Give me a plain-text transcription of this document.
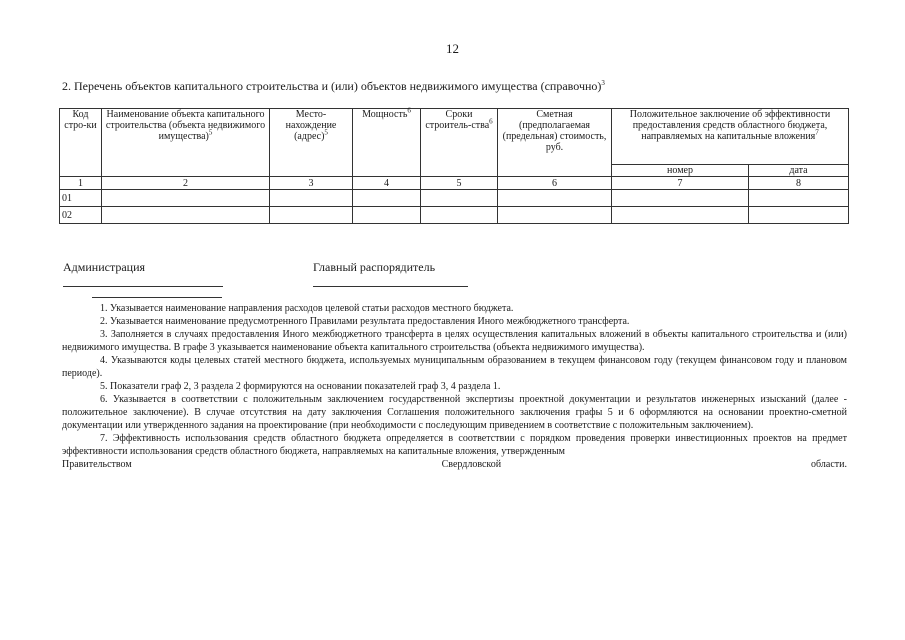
12
2. Перечень объектов капитального строительства и (или) объектов недвижимого имущества (справочно)$^3$
Код стро-ки	Наименование объекта капитального строительства (объекта недвижимого имущества)$^5$	Место-нахождение (адрес)$^5$	Мощность$^6$	Сроки строитель-ства$^6$	Сметная (предполагаемая (предельная) стоимость, руб.	Положительное заключение об эффективности предоставления средств областного бюджета, направляемых на капитальные вложения$^7$
						номер	дата
1	2	3	4	5	6	7	8
01							
02							
Администрация	Главный распорядитель

1. Указывается наименование направления расходов целевой статьи расходов местного бюджета.

2. Указывается наименование предусмотренного Правилами результата предоставления Иного межбюджетного трансферта.

3. Заполняется в случаях предоставления Иного межбюджетного трансферта в целях осуществления капитальных вложений в объекты капитального строительства и (или) недвижимого имущества. В графе 3 указывается наименование объекта капитального строительства (объекта недвижимого имущества).

4. Указываются коды целевых статей местного бюджета, используемых муниципальным образованием в текущем финансовом году (текущем финансовом году и плановом периоде).

5. Показатели граф 2, 3 раздела 2 формируются на основании показателей граф 3, 4 раздела 1.

6. Указывается в соответствии с положительным заключением государственной экспертизы проектной документации и результатов инженерных изысканий (далее - положительное заключение). В случае отсутствия на дату заключения Соглашения положительного заключения графы 5 и 6 оформляются на основании проектно-сметной документации или утвержденного задания на проектирование (при необходимости с последующим приведением в соответствие с положительным заключением).

7. Эффективность использования средств областного бюджета определяется в соответствии с порядком проведения проверки инвестиционных проектов на предмет эффективности использования средств областного бюджета, направляемых на капитальные вложения, утвержденным

Правительством	Свердловской	области.
